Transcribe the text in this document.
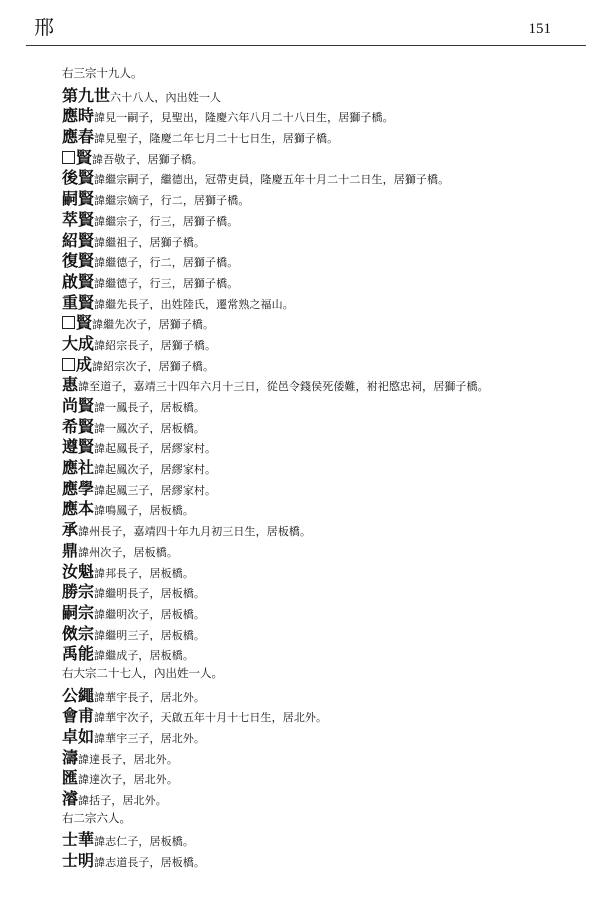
邢	151
右三宗十九人。
第九世六十八人，內出姓一人
應時諱見一嗣子，見聖出，隆慶六年八月二十八日生，居獅子橋。
應春諱見聖子，隆慶二年七月二十七日生，居獅子橋。
賢諱吾敬子，居獅子橋。
後賢諱繼宗嗣子，繼德出，冠帶吏員，隆慶五年十月二十二日生，居獅子橋。
嗣賢諱繼宗嫡子，行二，居獅子橋。
萃賢諱繼宗子，行三，居獅子橋。
紹賢諱繼祖子，居獅子橋。
復賢諱繼德子，行二，居獅子橋。
啟賢諱繼德子，行三，居獅子橋。
重賢諱繼先長子，出姓陸氏，遷常熟之福山。
賢諱繼先次子，居獅子橋。
大成諱紹宗長子，居獅子橋。
成諱紹宗次子，居獅子橋。
惠諱至道子，嘉靖三十四年六月十三日，從邑令錢侯死倭難，祔祀愍忠祠，居獅子橋。
尚賢諱一鳳長子，居板橋。
希賢諱一鳳次子，居板橋。
遵賢諱起鳳長子，居繆家村。
應社諱起鳳次子，居繆家村。
應學諱起鳳三子，居繆家村。
應本諱鳴鳳子，居板橋。
承諱州長子，嘉靖四十年九月初三日生，居板橋。
鼎諱州次子，居板橋。
汝魁諱邦長子，居板橋。
勝宗諱繼明長子，居板橋。
嗣宗諱繼明次子，居板橋。
傚宗諱繼明三子，居板橋。
禹能諱繼成子，居板橋。
右大宗二十七人，內出姓一人。
公繩諱華宇長子，居北外。
會甫諱華宇次子，天啟五年十月十七日生，居北外。
卓如諱華宇三子，居北外。
濤諱達長子，居北外。
匯諱達次子，居北外。
濬諱括子，居北外。
右二宗六人。
士華諱志仁子，居板橋。
士明諱志道長子，居板橋。
